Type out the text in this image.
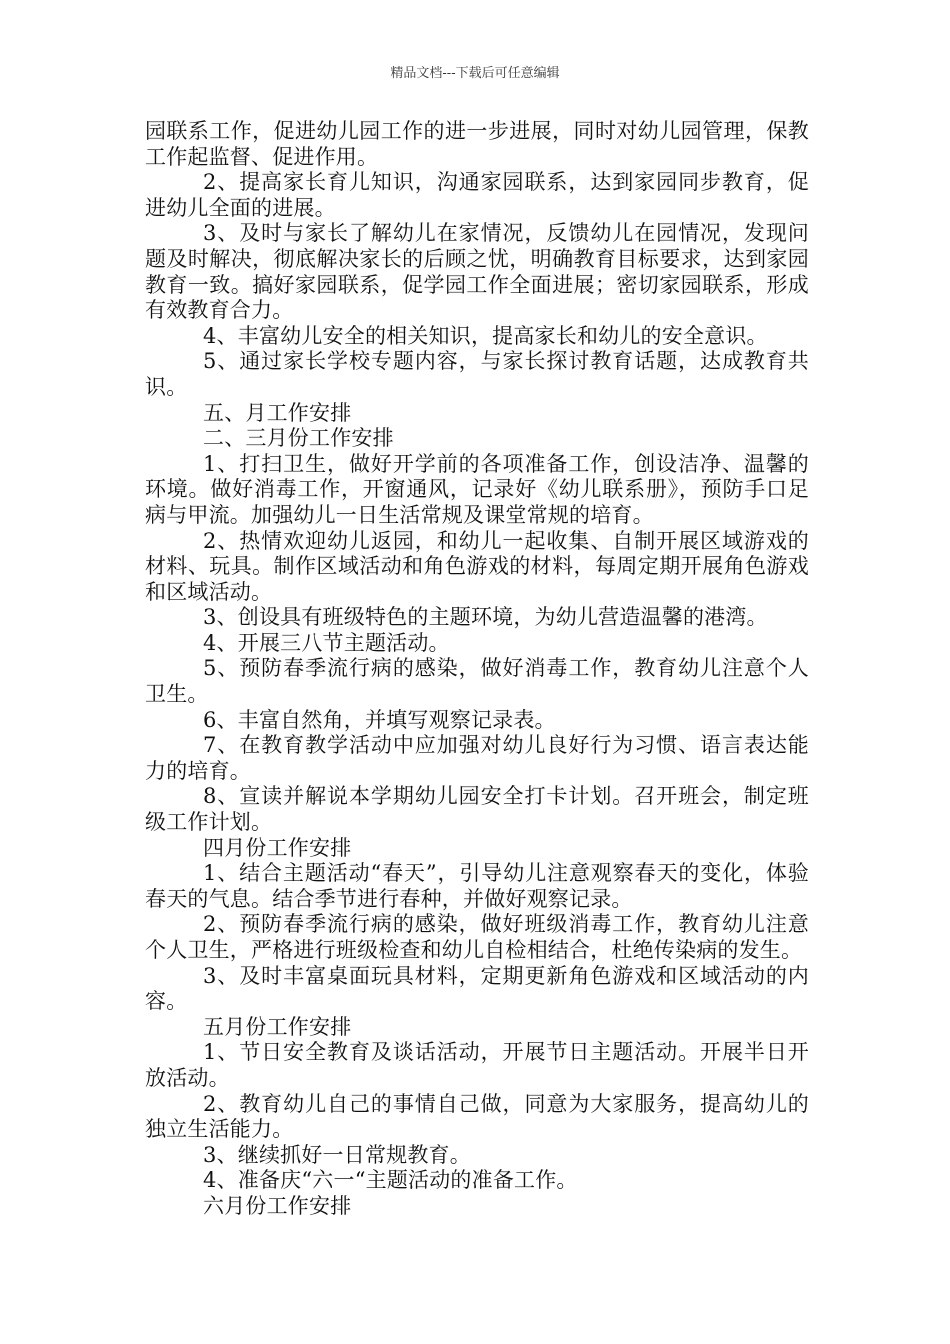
精品文档---下载后可任意编辑

园联系工作，促进幼儿园工作的进一步进展，同时对幼儿园管理，保教工作起监督、促进作用。

2、提高家长育儿知识，沟通家园联系，达到家园同步教育，促进幼儿全面的进展。

3、及时与家长了解幼儿在家情况，反馈幼儿在园情况，发现问题及时解决，彻底解决家长的后顾之忧，明确教育目标要求，达到家园教育一致。搞好家园联系，促学园工作全面进展；密切家园联系，形成有效教育合力。

4、丰富幼儿安全的相关知识，提高家长和幼儿的安全意识。

5、通过家长学校专题内容，与家长探讨教育话题，达成教育共识。

五、月工作安排

二、三月份工作安排

1、打扫卫生，做好开学前的各项准备工作，创设洁净、温馨的环境。做好消毒工作，开窗通风，记录好《幼儿联系册》，预防手口足病与甲流。加强幼儿一日生活常规及课堂常规的培育。

2、热情欢迎幼儿返园，和幼儿一起收集、自制开展区域游戏的材料、玩具。制作区域活动和角色游戏的材料，每周定期开展角色游戏和区域活动。

3、创设具有班级特色的主题环境，为幼儿营造温馨的港湾。

4、开展三八节主题活动。

5、预防春季流行病的感染，做好消毒工作，教育幼儿注意个人卫生。

6、丰富自然角，并填写观察记录表。

7、在教育教学活动中应加强对幼儿良好行为习惯、语言表达能力的培育。

8、宣读并解说本学期幼儿园安全打卡计划。召开班会，制定班级工作计划。

四月份工作安排

1、结合主题活动“春天”，引导幼儿注意观察春天的变化，体验春天的气息。结合季节进行春种，并做好观察记录。

2、预防春季流行病的感染，做好班级消毒工作，教育幼儿注意个人卫生，严格进行班级检查和幼儿自检相结合，杜绝传染病的发生。

3、及时丰富桌面玩具材料，定期更新角色游戏和区域活动的内容。

五月份工作安排

1、节日安全教育及谈话活动，开展节日主题活动。开展半日开放活动。

2、教育幼儿自己的事情自己做，同意为大家服务，提高幼儿的独立生活能力。

3、继续抓好一日常规教育。

4、准备庆“六一“主题活动的准备工作。

六月份工作安排
